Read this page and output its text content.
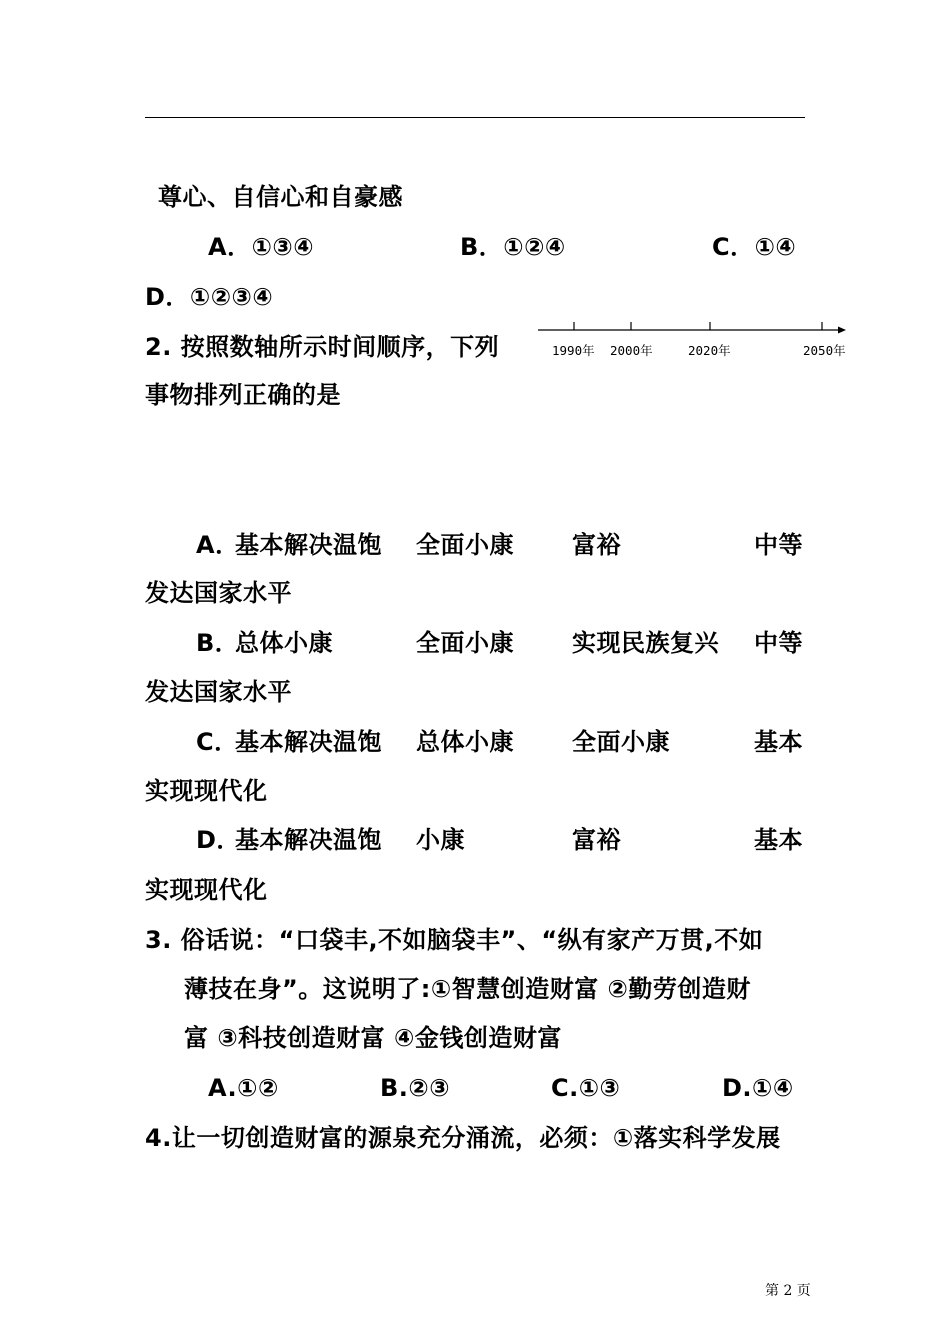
尊心、自信心和自豪感
A．①③④	B．①②④	C．①④
D．①②③④
2. 按照数轴所示时间顺序，下列
事物排列正确的是
1990年 2000年	2020年	2050年
A．
基本解决温饱 全面小康 富裕	中等
发达国家水平
B．
总体小康	全面小康 实现民族复兴 中等
发达国家水平
C．
基本解决温饱 总体小康 全面小康	基本
实现现代化
D．
基本解决温饱 小康	富裕	基本
实现现代化
3. 俗话说：“口袋丰,不如脑袋丰”、“纵有家产万贯,不如
薄技在身”。这说明了:①智慧创造财富 ②勤劳创造财
富 ③科技创造财富 ④金钱创造财富
A.①②	B.②③	C.①③	D.①④
4.让一切创造财富的源泉充分涌流，必须：①落实科学发展
第 2 页
